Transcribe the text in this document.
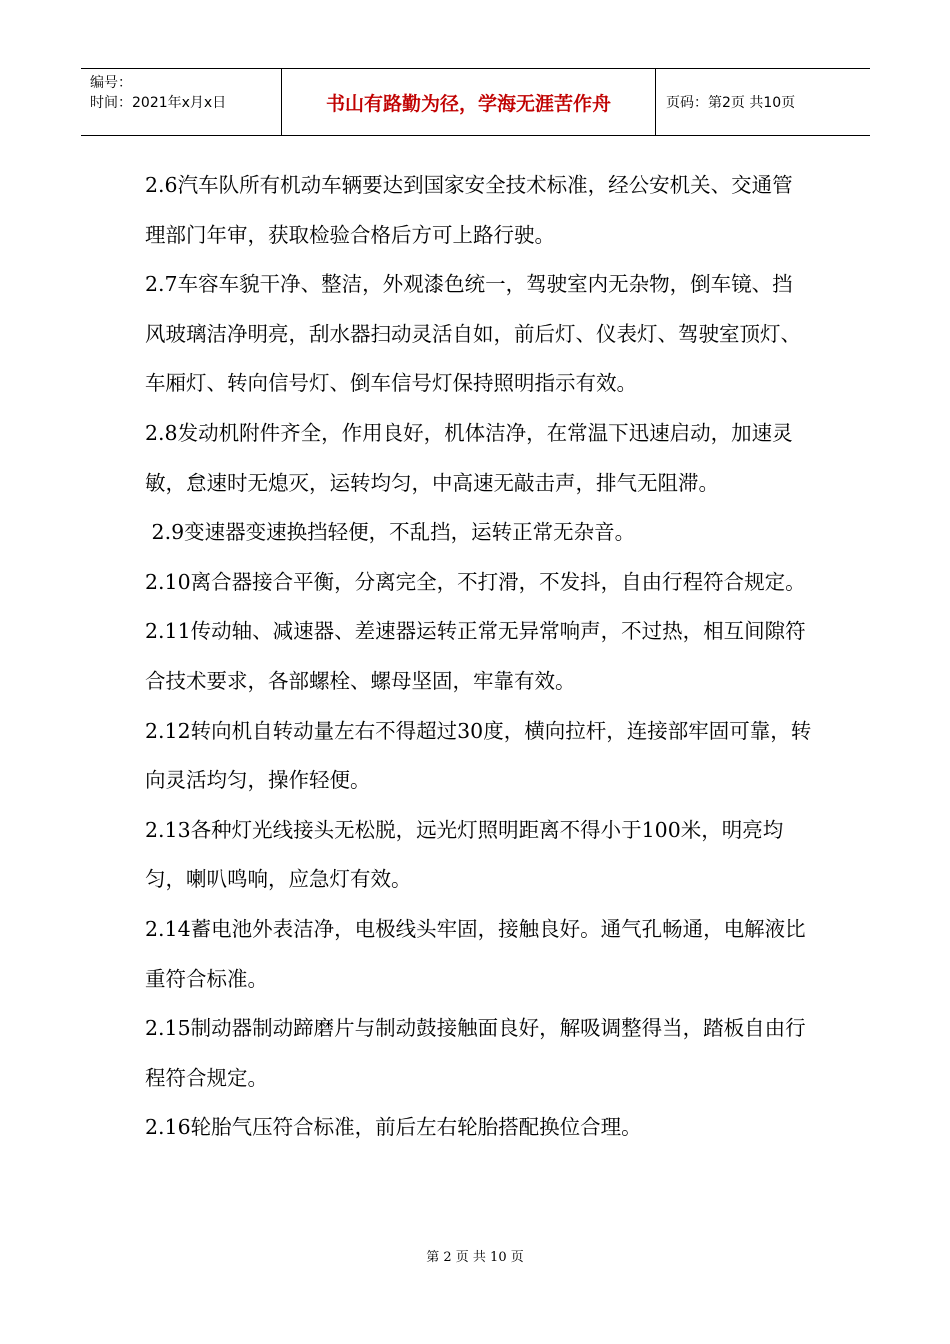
编号：
时间：2021年x月x日	书山有路勤为径，学海无涯苦作舟	页码：第2页 共10页

2.6汽车队所有机动车辆要达到国家安全技术标准，经公安机关、交通管理部门年审，获取检验合格后方可上路行驶。

2.7车容车貌干净、整洁，外观漆色统一，驾驶室内无杂物，倒车镜、挡风玻璃洁净明亮，刮水器扫动灵活自如，前后灯、仪表灯、驾驶室顶灯、车厢灯、转向信号灯、倒车信号灯保持照明指示有效。

2.8发动机附件齐全，作用良好，机体洁净，在常温下迅速启动，加速灵敏，怠速时无熄灭，运转均匀，中高速无敲击声，排气无阻滞。

2.9变速器变速换挡轻便，不乱挡，运转正常无杂音。

2.10离合器接合平衡，分离完全，不打滑，不发抖，自由行程符合规定。

2.11传动轴、减速器、差速器运转正常无异常响声，不过热，相互间隙符合技术要求，各部螺栓、螺母坚固，牢靠有效。

2.12转向机自转动量左右不得超过30度，横向拉杆，连接部牢固可靠，转向灵活均匀，操作轻便。

2.13各种灯光线接头无松脱，远光灯照明距离不得小于100米，明亮均匀，喇叭鸣响，应急灯有效。

2.14蓄电池外表洁净，电极线头牢固，接触良好。通气孔畅通，电解液比重符合标准。

2.15制动器制动蹄磨片与制动鼓接触面良好，解吸调整得当，踏板自由行程符合规定。

2.16轮胎气压符合标准，前后左右轮胎搭配换位合理。

第 2 页 共 10 页
